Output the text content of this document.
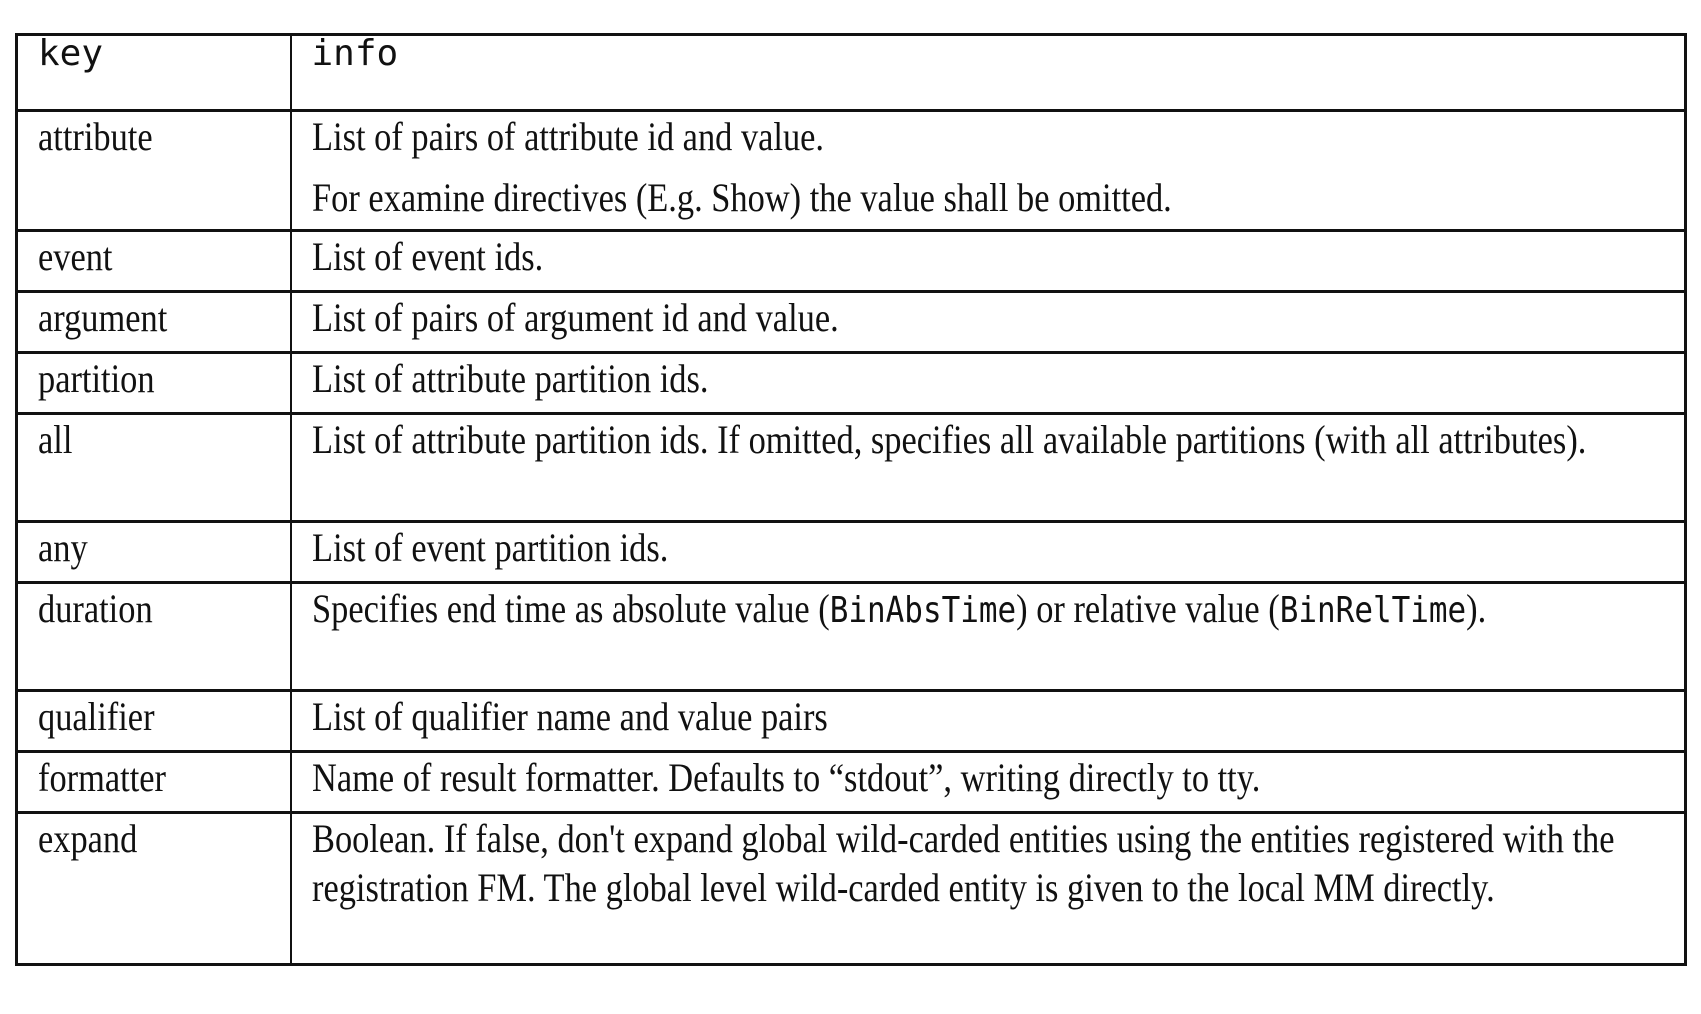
key	info
attribute	List of pairs of attribute id and value.

For examine directives (E.g. Show) the value shall be omitted.

event	List of event ids.

argument	List of pairs of argument id and value.

partition	List of attribute partition ids.

all	List of attribute partition ids. If omitted, specifies all available partitions (with all attributes).

any	List of event partition ids.

duration	Specifies end time as absolute value (BinAbsTime) or relative value (BinRelTime).

qualifier	List of qualifier name and value pairs

formatter	Name of result formatter. Defaults to “stdout”, writing directly to tty.

expand	Boolean. If false, don't expand global wild-carded entities using the entities registered with the registration FM. The global level wild-carded entity is given to the local MM directly.
